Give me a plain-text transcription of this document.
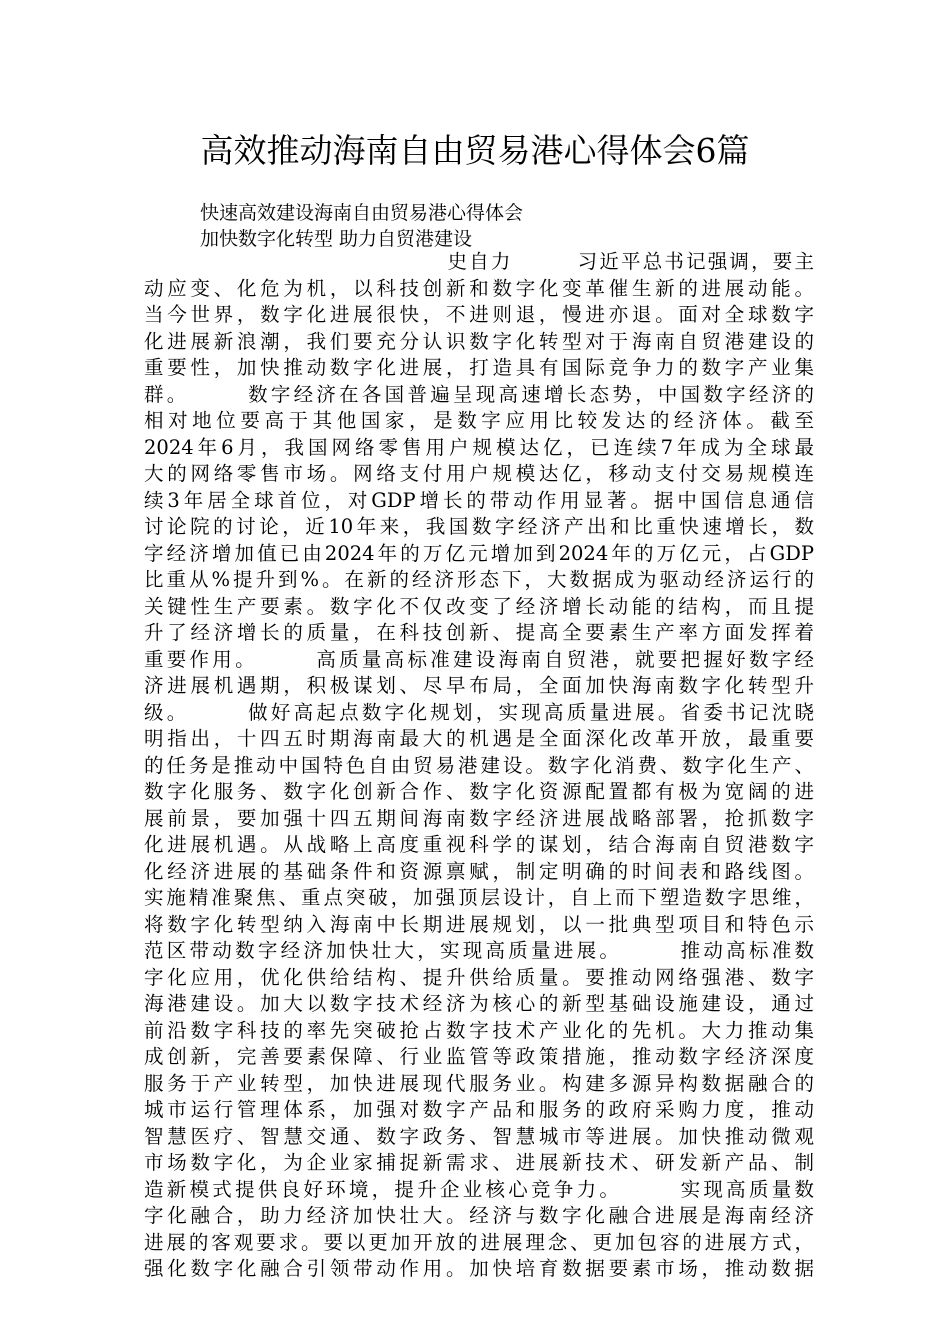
高效推动海南自由贸易港心得体会6篇
快速高效建设海南自由贸易港心得体会
加快数字化转型 助力自贸港建设
　　　　　　　　　　　　　　史自力　　　习近平总书记强调，要主
动应变、化危为机，以科技创新和数字化变革催生新的进展动能。
当今世界，数字化进展很快，不进则退，慢进亦退。面对全球数字
化进展新浪潮，我们要充分认识数字化转型对于海南自贸港建设的
重要性，加快推动数字化进展，打造具有国际竞争力的数字产业集
群。　　　数字经济在各国普遍呈现高速增长态势，中国数字经济的
相对地位要高于其他国家，是数字应用比较发达的经济体。截至
2024年6月，我国网络零售用户规模达亿，已连续7年成为全球最
大的网络零售市场。网络支付用户规模达亿，移动支付交易规模连
续3年居全球首位，对GDP增长的带动作用显著。据中国信息通信
讨论院的讨论，近10年来，我国数字经济产出和比重快速增长，数
字经济增加值已由2024年的万亿元增加到2024年的万亿元，占GDP
比重从%提升到%。在新的经济形态下，大数据成为驱动经济运行的
关键性生产要素。数字化不仅改变了经济增长动能的结构，而且提
升了经济增长的质量，在科技创新、提高全要素生产率方面发挥着
重要作用。　　　高质量高标准建设海南自贸港，就要把握好数字经
济进展机遇期，积极谋划、尽早布局，全面加快海南数字化转型升
级。　　　做好高起点数字化规划，实现高质量进展。省委书记沈晓
明指出，十四五时期海南最大的机遇是全面深化改革开放，最重要
的任务是推动中国特色自由贸易港建设。数字化消费、数字化生产、
数字化服务、数字化创新合作、数字化资源配置都有极为宽阔的进
展前景，要加强十四五期间海南数字经济进展战略部署，抢抓数字
化进展机遇。从战略上高度重视科学的谋划，结合海南自贸港数字
化经济进展的基础条件和资源禀赋，制定明确的时间表和路线图。
实施精准聚焦、重点突破，加强顶层设计，自上而下塑造数字思维，
将数字化转型纳入海南中长期进展规划，以一批典型项目和特色示
范区带动数字经济加快壮大，实现高质量进展。　　　推动高标准数
字化应用，优化供给结构、提升供给质量。要推动网络强港、数字
海港建设。加大以数字技术经济为核心的新型基础设施建设，通过
前沿数字科技的率先突破抢占数字技术产业化的先机。大力推动集
成创新，完善要素保障、行业监管等政策措施，推动数字经济深度
服务于产业转型，加快进展现代服务业。构建多源异构数据融合的
城市运行管理体系，加强对数字产品和服务的政府采购力度，推动
智慧医疗、智慧交通、数字政务、智慧城市等进展。加快推动微观
市场数字化，为企业家捕捉新需求、进展新技术、研发新产品、制
造新模式提供良好环境，提升企业核心竞争力。　　　实现高质量数
字化融合，助力经济加快壮大。经济与数字化融合进展是海南经济
进展的客观要求。要以更加开放的进展理念、更加包容的进展方式，
强化数字化融合引领带动作用。加快培育数据要素市场，推动数据
